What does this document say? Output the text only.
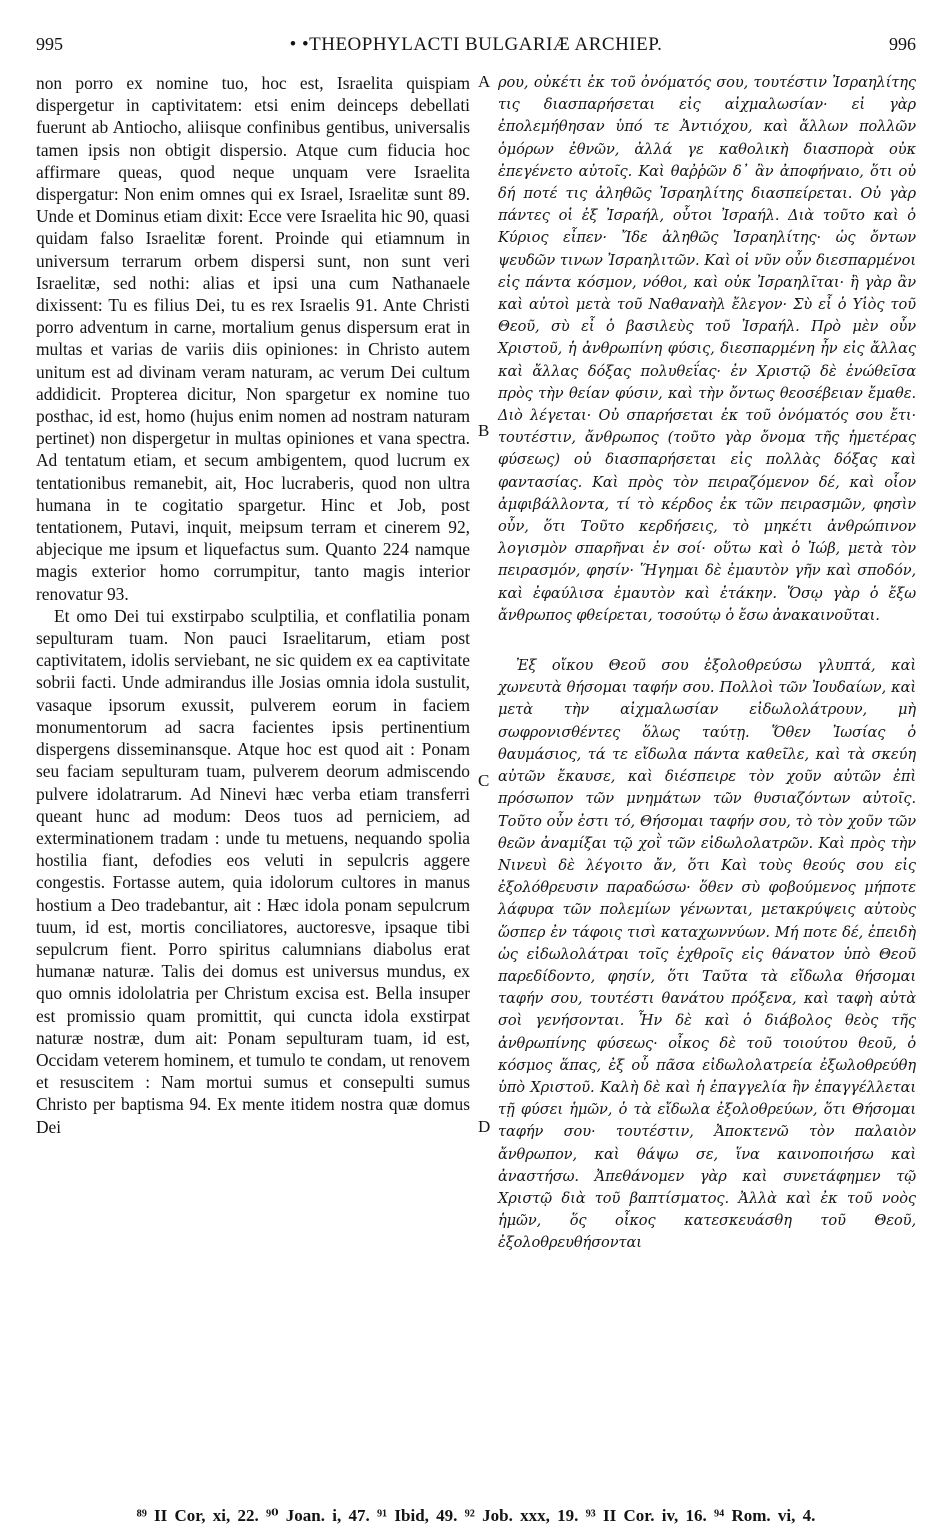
995	• •THEOPHYLACTI BULGARIÆ ARCHIEP.	996

non porro ex nomine tuo, hoc est, Israelita quispiam dispergetur in captivitatem: etsi enim deinceps debellati fuerunt ab Antiocho, aliisque confinibus gentibus, universalis tamen ipsis non obtigit dispersio. Atque cum fiducia hoc affirmare queas, quod neque unquam vere Israelita dispergatur: Non enim omnes qui ex Israel, Israelitæ sunt 89. Unde et Dominus etiam dixit: Ecce vere Israelita hic 90, quasi quidam falso Israelitæ forent. Proinde qui etiamnum in universum terrarum orbem dispersi sunt, non sunt veri Israelitæ, sed nothi: alias et ipsi una cum Nathanaele dixissent: Tu es filius Dei, tu es rex Israelis 91. Ante Christi porro adventum in carne, mortalium genus dispersum erat in multas et varias de variis diis opiniones: in Christo autem unitum est ad divinam veram naturam, ac verum Dei cultum addidicit. Propterea dicitur, Non spargetur ex nomine tuo posthac, id est, homo (hujus enim nomen ad nostram naturam pertinet) non dispergetur in multas opiniones et vana spectra. Ad tentatum etiam, et secum ambigentem, quod lucrum ex tentationibus remanebit, ait, Hoc lucraberis, quod non ultra humana in te cogitatio spargetur. Hinc et Job, post tentationem, Putavi, inquit, meipsum terram et cinerem 92, abjecique me ipsum et liquefactus sum. Quanto 224 namque magis exterior homo corrumpitur, tanto magis interior renovatur 93.

Et omo Dei tui exstirpabo sculptilia, et conflatilia ponam sepulturam tuam. Non pauci Israelitarum, etiam post captivitatem, idolis serviebant, ne sic quidem ex ea captivitate sobrii facti. Unde admirandus ille Josias omnia idola sustulit, vasaque ipsorum exussit, pulverem eorum in faciem monumentorum ad sacra facientes ipsis pertinentium dispergens disseminansque. Atque hoc est quod ait : Ponam seu faciam sepulturam tuam, pulverem deorum admiscendo pulvere idolatrarum. Ad Ninevi hæc verba etiam transferri queant hunc ad modum: Deos tuos ad perniciem, ad exterminationem tradam : unde tu metuens, nequando spolia hostilia fiant, defodies eos veluti in sepulcris aggere congestis. Fortasse autem, quia idolorum cultores in manus hostium a Deo tradebantur, ait : Hæc idola ponam sepulcrum tuum, id est, mortis conciliatores, auctoresve, ipsaque tibi sepulcrum fient. Porro spiritus calumnians diabolus erat humanæ naturæ. Talis dei domus est universus mundus, ex quo omnis idololatria per Christum excisa est. Bella insuper est promissio quam promittit, qui cuncta idola exstirpat naturæ nostræ, dum ait: Ponam sepulturam tuam, id est, Occidam veterem hominem, et tumulo te condam, ut renovem et resuscitem : Nam mortui sumus et consepulti sumus Christo per baptisma 94. Ex mente itidem nostra quæ domus Dei

A
B
C
D

ρου, οὐκέτι ἐκ τοῦ ὀνόματός σου, τουτέστιν Ἰσραηλίτης τις διασπαρήσεται εἰς αἰχμαλωσίαν· εἰ γὰρ ἐπολεμήθησαν ὑπό τε Ἀντιόχου, καὶ ἄλλων πολλῶν ὁμόρων ἐθνῶν, ἀλλά γε καθολικὴ διασπορὰ οὐκ ἐπεγένετο αὐτοῖς. Καὶ θαῤῥῶν δ᾽ ἂν ἀποφήναιο, ὅτι οὐ δή ποτέ τις ἀληθῶς Ἰσραηλίτης διασπείρεται. Οὐ γὰρ πάντες οἱ ἐξ Ἰσραήλ, οὗτοι Ἰσραήλ. Διὰ τοῦτο καὶ ὁ Κύριος εἶπεν· Ἴδε ἀληθῶς Ἰσραηλίτης· ὡς ὄντων ψευδῶν τινων Ἰσραηλιτῶν. Καὶ οἱ νῦν οὖν διεσπαρμένοι εἰς πάντα κόσμον, νόθοι, καὶ οὐκ Ἰσραηλῖται· ἢ γὰρ ἂν καὶ αὐτοὶ μετὰ τοῦ Ναθαναὴλ ἔλεγον· Σὺ εἶ ὁ Υἱὸς τοῦ Θεοῦ, σὺ εἶ ὁ βασιλεὺς τοῦ Ἰσραήλ. Πρὸ μὲν οὖν Χριστοῦ, ἡ ἀνθρωπίνη φύσις, διεσπαρμένη ἦν εἰς ἄλλας καὶ ἄλλας δόξας πολυθεΐας· ἐν Χριστῷ δὲ ἐνώθεῖσα πρὸς τὴν θείαν φύσιν, καὶ τὴν ὄντως θεοσέβειαν ἔμαθε. Διὸ λέγεται· Οὐ σπαρήσεται ἐκ τοῦ ὀνόματός σου ἔτι· τουτέστιν, ἄνθρωπος (τοῦτο γὰρ ὄνομα τῆς ἡμετέρας φύσεως) οὐ διασπαρήσεται εἰς πολλὰς δόξας καὶ φαντασίας. Καὶ πρὸς τὸν πειραζόμενον δέ, καὶ οἷον ἀμφιβάλλοντα, τί τὸ κέρδος ἐκ τῶν πειρασμῶν, φησὶν οὖν, ὅτι Τοῦτο κερδήσεις, τὸ μηκέτι ἀνθρώπινον λογισμὸν σπαρῆναι ἐν σοί· οὕτω καὶ ὁ Ἰώβ, μετὰ τὸν πειρασμόν, φησίν· Ἥγημαι δὲ ἐμαυτὸν γῆν καὶ σποδόν, καὶ ἐφαύλισα ἐμαυτὸν καὶ ἐτάκην. Ὅσῳ γὰρ ὁ ἔξω ἄνθρωπος φθείρεται, τοσούτῳ ὁ ἔσω ἀνακαινοῦται.

Ἐξ οἴκου Θεοῦ σου ἐξολοθρεύσω γλυπτά, καὶ χωνευτὰ θήσομαι ταφήν σου. Πολλοὶ τῶν Ἰουδαίων, καὶ μετὰ τὴν αἰχμαλωσίαν εἰδωλολάτρουν, μὴ σωφρονισθέντες ὅλως ταύτῃ. Ὅθεν Ἰωσίας ὁ θαυμάσιος, τά τε εἴδωλα πάντα καθεῖλε, καὶ τὰ σκεύη αὐτῶν ἔκαυσε, καὶ διέσπειρε τὸν χοῦν αὐτῶν ἐπὶ πρόσωπον τῶν μνημάτων τῶν θυσιαζόντων αὐτοῖς. Τοῦτο οὖν ἐστι τό, Θήσομαι ταφήν σου, τὸ τὸν χοῦν τῶν θεῶν ἀναμίξαι τῷ χοῒ τῶν εἰδωλολατρῶν. Καὶ πρὸς τὴν Νινευὶ δὲ λέγοιτο ἄν, ὅτι Καὶ τοὺς θεούς σου εἰς ἐξολόθρευσιν παραδώσω· ὅθεν σὺ φοβούμενος μήποτε λάφυρα τῶν πολεμίων γένωνται, μετακρύψεις αὐτοὺς ὥσπερ ἐν τάφοις τισὶ καταχωννύων. Μή ποτε δέ, ἐπειδὴ ὡς εἰδωλολάτραι τοῖς ἐχθροῖς εἰς θάνατον ὑπὸ Θεοῦ παρεδίδοντο, φησίν, ὅτι Ταῦτα τὰ εἴδωλα θήσομαι ταφήν σου, τουτέστι θανάτου πρόξενα, καὶ ταφὴ αὐτὰ σοὶ γενήσονται. Ἦν δὲ καὶ ὁ διάβολος θεὸς τῆς ἀνθρωπίνης φύσεως· οἶκος δὲ τοῦ τοιούτου θεοῦ, ὁ κόσμος ἅπας, ἐξ οὗ πᾶσα εἰδωλολατρεία ἐξωλοθρεύθη ὑπὸ Χριστοῦ. Καλὴ δὲ καὶ ἡ ἐπαγγελία ἣν ἐπαγγέλλεται τῇ φύσει ἡμῶν, ὁ τὰ εἴδωλα ἐξολοθρεύων, ὅτι Θήσομαι ταφήν σου· τουτέστιν, Ἀποκτενῶ τὸν παλαιὸν ἄνθρωπον, καὶ θάψω σε, ἵνα καινοποιήσω καὶ ἀναστήσω. Ἀπεθάνομεν γὰρ καὶ συνετάφημεν τῷ Χριστῷ διὰ τοῦ βαπτίσματος. Ἀλλὰ καὶ ἐκ τοῦ νοὸς ἡμῶν, ὅς οἶκος κατεσκευάσθη τοῦ Θεοῦ, ἐξολοθρευθήσονται

⁸⁹ II Cor, xi, 22. ⁹⁰ Joan. i, 47. ⁹¹ Ibid, 49. ⁹² Job. xxx, 19. ⁹³ II Cor. iv, 16. ⁹⁴ Rom. vi, 4.
